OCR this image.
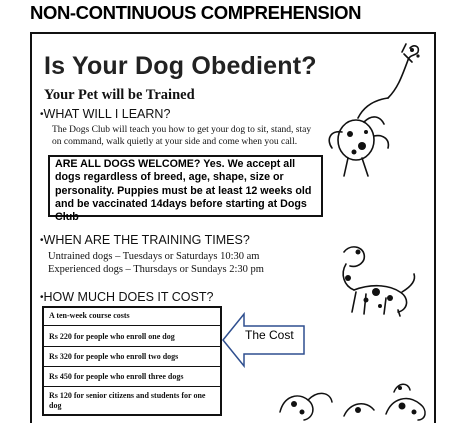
NON-CONTINUOUS COMPREHENSION
Is Your Dog Obedient?
Your Pet will be Trained
•WHAT WILL I LEARN?
The Dogs Club will teach you how to get your dog to sit, stand, stay on command, walk quietly at your side and come when you call.
ARE ALL DOGS WELCOME? Yes. We accept all dogs regardless of breed, age, shape, size or personality. Puppies must be at least 12 weeks old and be vaccinated 14days before starting at Dogs Club
•WHEN ARE THE TRAINING TIMES?
Untrained dogs – Tuesdays or Saturdays 10:30 am
Experienced dogs – Thursdays or Sundays 2:30 pm
•HOW MUCH DOES IT COST?
A ten-week course costs
Rs 220 for people who enroll one dog
Rs 320 for people who enroll two dogs
Rs 450 for people who enroll three dogs
Rs 120 for senior citizens and students for one dog
The Cost
